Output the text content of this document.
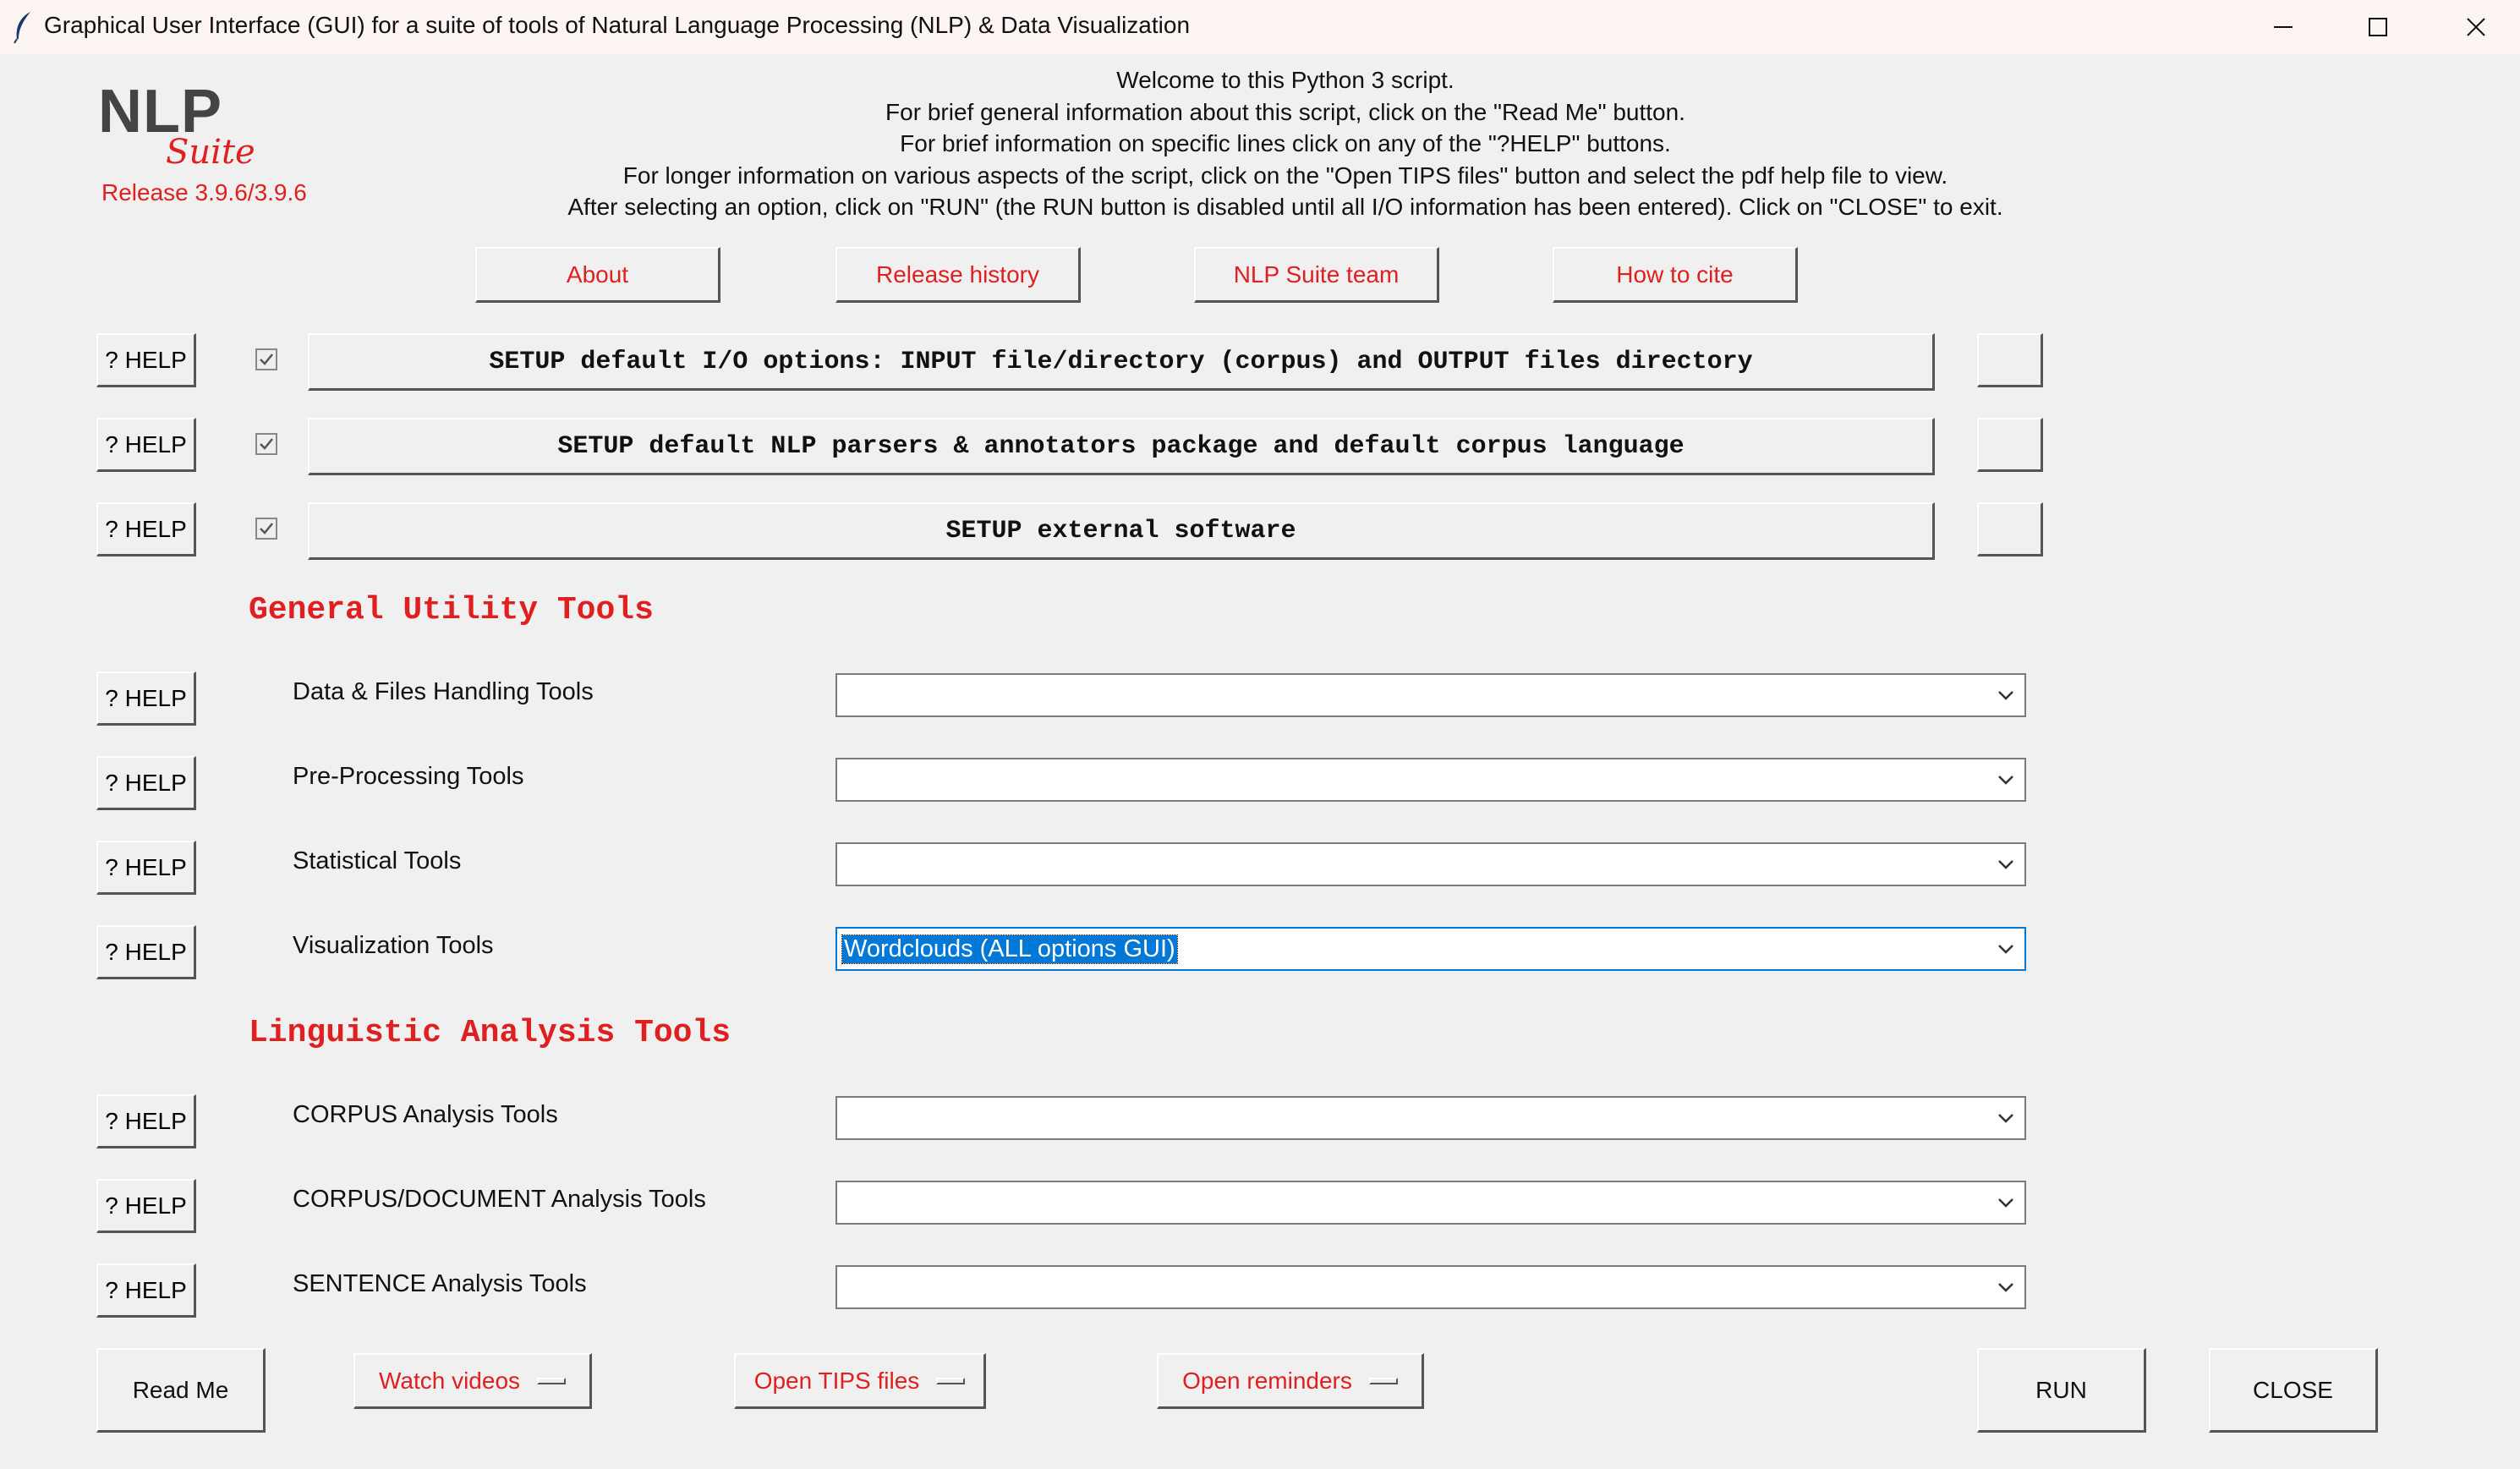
Graphical User Interface (GUI) for a suite of tools of Natural Language Processing (NLP) & Data Visualization
NLP
Suite
Release 3.9.6/3.9.6
Welcome to this Python 3 script.
For brief general information about this script, click on the "Read Me" button.
For brief information on specific lines click on any of the "?HELP" buttons.
For longer information on various aspects of the script, click on the "Open TIPS files" button and select the pdf help file to view.
After selecting an option, click on "RUN" (the RUN button is disabled until all I/O information has been entered). Click on "CLOSE" to exit.
About	Release history	NLP Suite team	How to cite
? HELP	SETUP default I/O options: INPUT file/directory (corpus) and OUTPUT files directory
? HELP	SETUP default NLP parsers & annotators package and default corpus language
? HELP	SETUP external software
General Utility Tools
? HELP	Data & Files Handling Tools
? HELP	Pre-Processing Tools
? HELP	Statistical Tools
? HELP	Visualization Tools	Wordclouds (ALL options GUI)
Linguistic Analysis Tools
? HELP	CORPUS Analysis Tools
? HELP	CORPUS/DOCUMENT Analysis Tools
? HELP	SENTENCE Analysis Tools
Read Me	Watch videos	Open TIPS files	Open reminders	RUN	CLOSE
